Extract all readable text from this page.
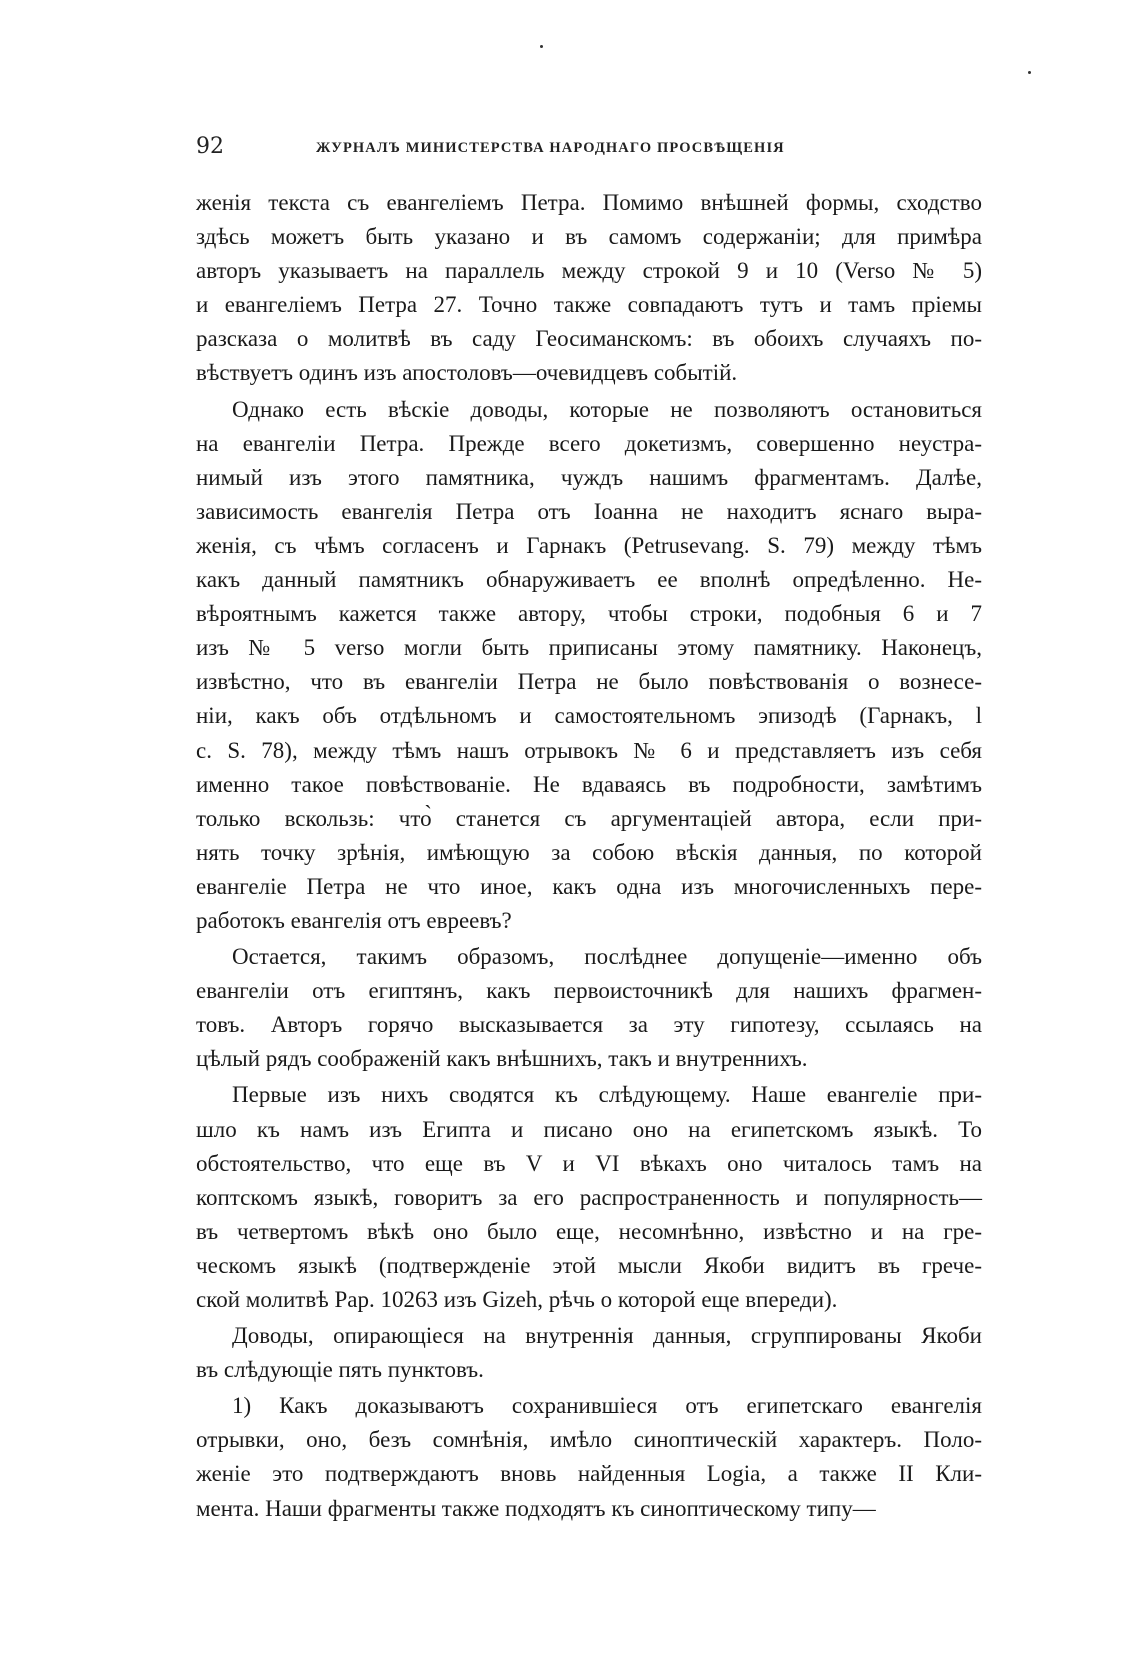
92	ЖУРНАЛЪ МИНИСТЕРСТВА НАРОДНАГО ПРОСВѢЩЕНІЯ
женія текста съ евангеліемъ Петра. Помимо внѣшней формы, сходство
здѣсь можетъ быть указано и въ самомъ содержаніи; для примѣра
авторъ указываетъ на параллель между строкой 9 и 10 (Verso № 5)
и евангеліемъ Петра 27. Точно также совпадаютъ тутъ и тамъ пріемы
разсказа о молитвѣ въ саду Геосиманскомъ: въ обоихъ случаяхъ по-
вѣствуетъ одинъ изъ апостоловъ—очевидцевъ событій.
Однако есть вѣскіе доводы, которые не позволяютъ остановиться
на евангеліи Петра. Прежде всего докетизмъ, совершенно неустра-
нимый изъ этого памятника, чуждъ нашимъ фрагментамъ. Далѣе,
зависимость евангелія Петра отъ Іоанна не находитъ яснаго выра-
женія, съ чѣмъ согласенъ и Гарнакъ (Petrusevang. S. 79) между тѣмъ
какъ данный памятникъ обнаруживаетъ ее вполнѣ опредѣленно. Не-
вѣроятнымъ кажется также автору, чтобы строки, подобныя 6 и 7
изъ № 5 verso могли быть приписаны этому памятнику. Наконецъ,
извѣстно, что въ евангеліи Петра не было повѣствованія о вознесе-
ніи, какъ объ отдѣльномъ и самостоятельномъ эпизодѣ (Гарнакъ, l
c. S. 78), между тѣмъ нашъ отрывокъ № 6 и представляетъ изъ себя
именно такое повѣствованіе. Не вдаваясь въ подробности, замѣтимъ
только вскользь: что̀ станется съ аргументаціей автора, если при-
нять точку зрѣнія, имѣющую за собою вѣскія данныя, по которой
евангеліе Петра не что иное, какъ одна изъ многочисленныхъ пере-
работокъ евангелія отъ евреевъ?
Остается, такимъ образомъ, послѣднее допущеніе—именно объ
евангеліи отъ египтянъ, какъ первоисточникѣ для нашихъ фрагмен-
товъ. Авторъ горячо высказывается за эту гипотезу, ссылаясь на
цѣлый рядъ соображеній какъ внѣшнихъ, такъ и внутреннихъ.
Первые изъ нихъ сводятся къ слѣдующему. Наше евангеліе при-
шло къ намъ изъ Египта и писано оно на египетскомъ языкѣ. То
обстоятельство, что еще въ V и VI вѣкахъ оно читалось тамъ на
коптскомъ языкѣ, говоритъ за его распространенность и популярность—
въ четвертомъ вѣкѣ оно было еще, несомнѣнно, извѣстно и на гре-
ческомъ языкѣ (подтвержденіе этой мысли Якоби видитъ въ грече-
ской молитвѣ Pap. 10263 изъ Gizeh, рѣчь о которой еще впереди).
Доводы, опирающіеся на внутреннія данныя, сгруппированы Якоби
въ слѣдующіе пять пунктовъ.
1) Какъ доказываютъ сохранившіеся отъ египетскаго евангелія
отрывки, оно, безъ сомнѣнія, имѣло синоптическій характеръ. Поло-
женіе это подтверждаютъ вновь найденныя Logia, а также II Кли-
мента. Наши фрагменты также подходятъ къ синоптическому типу—
